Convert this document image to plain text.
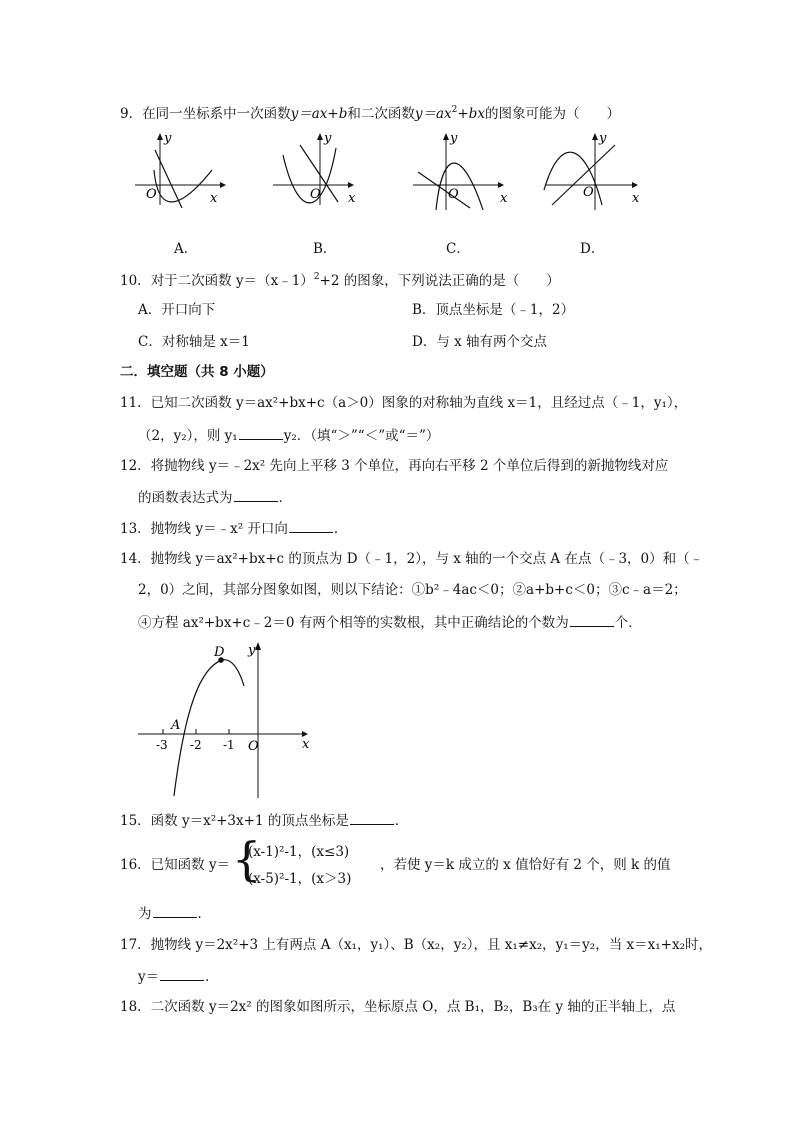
9．在同一坐标系中一次函数y＝ax+b和二次函数$y=ax^2+bx$的图象可能为（　　）
y
O	x
y
O x
y
O	x
y
O	x
A．	B．	C．	D．
10．对于二次函数 y＝（x﹣1）$^2$+2 的图象，下列说法正确的是（　　）
A．开口向下	B．顶点坐标是（﹣1，2）
C．对称轴是 x＝1	D．与 x 轴有两个交点
二．填空题（共 8 小题）
11．已知二次函数 y＝ax²+bx+c（a＞0）图象的对称轴为直线 x＝1，且经过点（﹣1，y₁），
（2，y₂），则 y₁	y₂．（填“＞”“＜”或“＝”）
12．将抛物线 y＝﹣2x² 先向上平移 3 个单位，再向右平移 2 个单位后得到的新抛物线对应
的函数表达式为	．
13．抛物线 y＝﹣x² 开口向	．
14．抛物线 y＝ax²+bx+c 的顶点为 D（﹣1，2），与 x 轴的一个交点 A 在点（﹣3，0）和（﹣
2，0）之间，其部分图象如图，则以下结论：①b²﹣4ac＜0；②a+b+c＜0；③c﹣a＝2；
④方程 ax²+bx+c﹣2＝0 有两个相等的实数根，其中正确结论的个数为	个．
D
A
y
x
O
-3 -2 -1
15．函数 y＝x²+3x+1 的顶点坐标是	．
16．已知函数 y＝ {
(x-1)²-1，(x≤3)
(x-5)²-1，(x＞3)
，若使 y＝k 成立的 x 值恰好有 2 个，则 k 的值
为	．
17．抛物线 y＝2x²+3 上有两点 A（x₁，y₁）、B（x₂，y₂），且 x₁≠x₂，y₁＝y₂，当 x＝x₁+x₂时，
y＝	．
18．二次函数 y＝2x² 的图象如图所示，坐标原点 O，点 B₁，B₂，B₃在 y 轴的正半轴上，点
